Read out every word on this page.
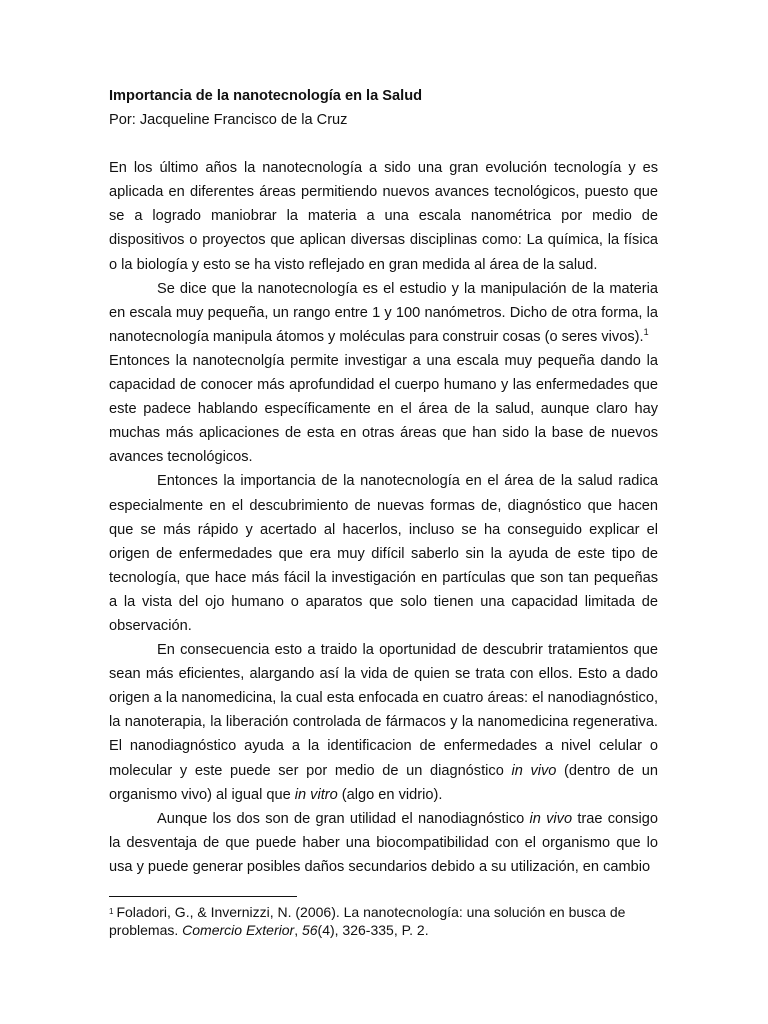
Importancia de la nanotecnología en la Salud

Por: Jacqueline Francisco de la Cruz

En los último años la nanotecnología a sido una gran evolución tecnología y es aplicada en diferentes áreas permitiendo nuevos avances tecnológicos, puesto que se a logrado maniobrar la materia a una escala nanométrica por medio de dispositivos o proyectos que aplican diversas disciplinas como: La química, la física o la biología y esto se ha visto reflejado en gran medida al área de la salud.

Se dice que la nanotecnología es el estudio y la manipulación de la materia en escala muy pequeña, un rango entre 1 y 100 nanómetros. Dicho de otra forma, la nanotecnología manipula átomos y moléculas para construir cosas (o seres vivos).$^1$

Entonces la nanotecnolgía permite investigar a una escala muy pequeña dando la capacidad de conocer más aprofundidad el cuerpo humano y las enfermedades que este padece hablando específicamente en el área de la salud, aunque claro hay muchas más aplicaciones de esta en otras áreas que han sido la base de nuevos avances tecnológicos.

Entonces la importancia de la nanotecnología en el área de la salud radica especialmente en el descubrimiento de nuevas formas de, diagnóstico que hacen que se más rápido y acertado al hacerlos, incluso se ha conseguido explicar el origen de enfermedades que era muy difícil saberlo sin la ayuda de este tipo de tecnología, que hace más fácil la investigación en partículas que son tan pequeñas a la vista del ojo humano o aparatos que solo tienen una capacidad limitada de observación.

En consecuencia esto a traido la oportunidad de descubrir tratamientos que sean más eficientes, alargando así la vida de quien se trata con ellos. Esto a dado origen a la nanomedicina, la cual esta enfocada en cuatro áreas: el nanodiagnóstico, la nanoterapia, la liberación controlada de fármacos y la nanomedicina regenerativa. El nanodiagnóstico ayuda a la identificacion de enfermedades a nivel celular o molecular y este puede ser por medio de un diagnóstico in vivo (dentro de un organismo vivo) al igual que in vitro (algo en vidrio).

Aunque los dos son de gran utilidad el nanodiagnóstico in vivo trae consigo la desventaja de que puede haber una biocompatibilidad con el organismo que lo usa y puede generar posibles daños secundarios debido a su utilización, en cambio

$^1$ Foladori, G., & Invernizzi, N. (2006). La nanotecnología: una solución en busca de problemas. Comercio Exterior, 56(4), 326-335, P. 2.
